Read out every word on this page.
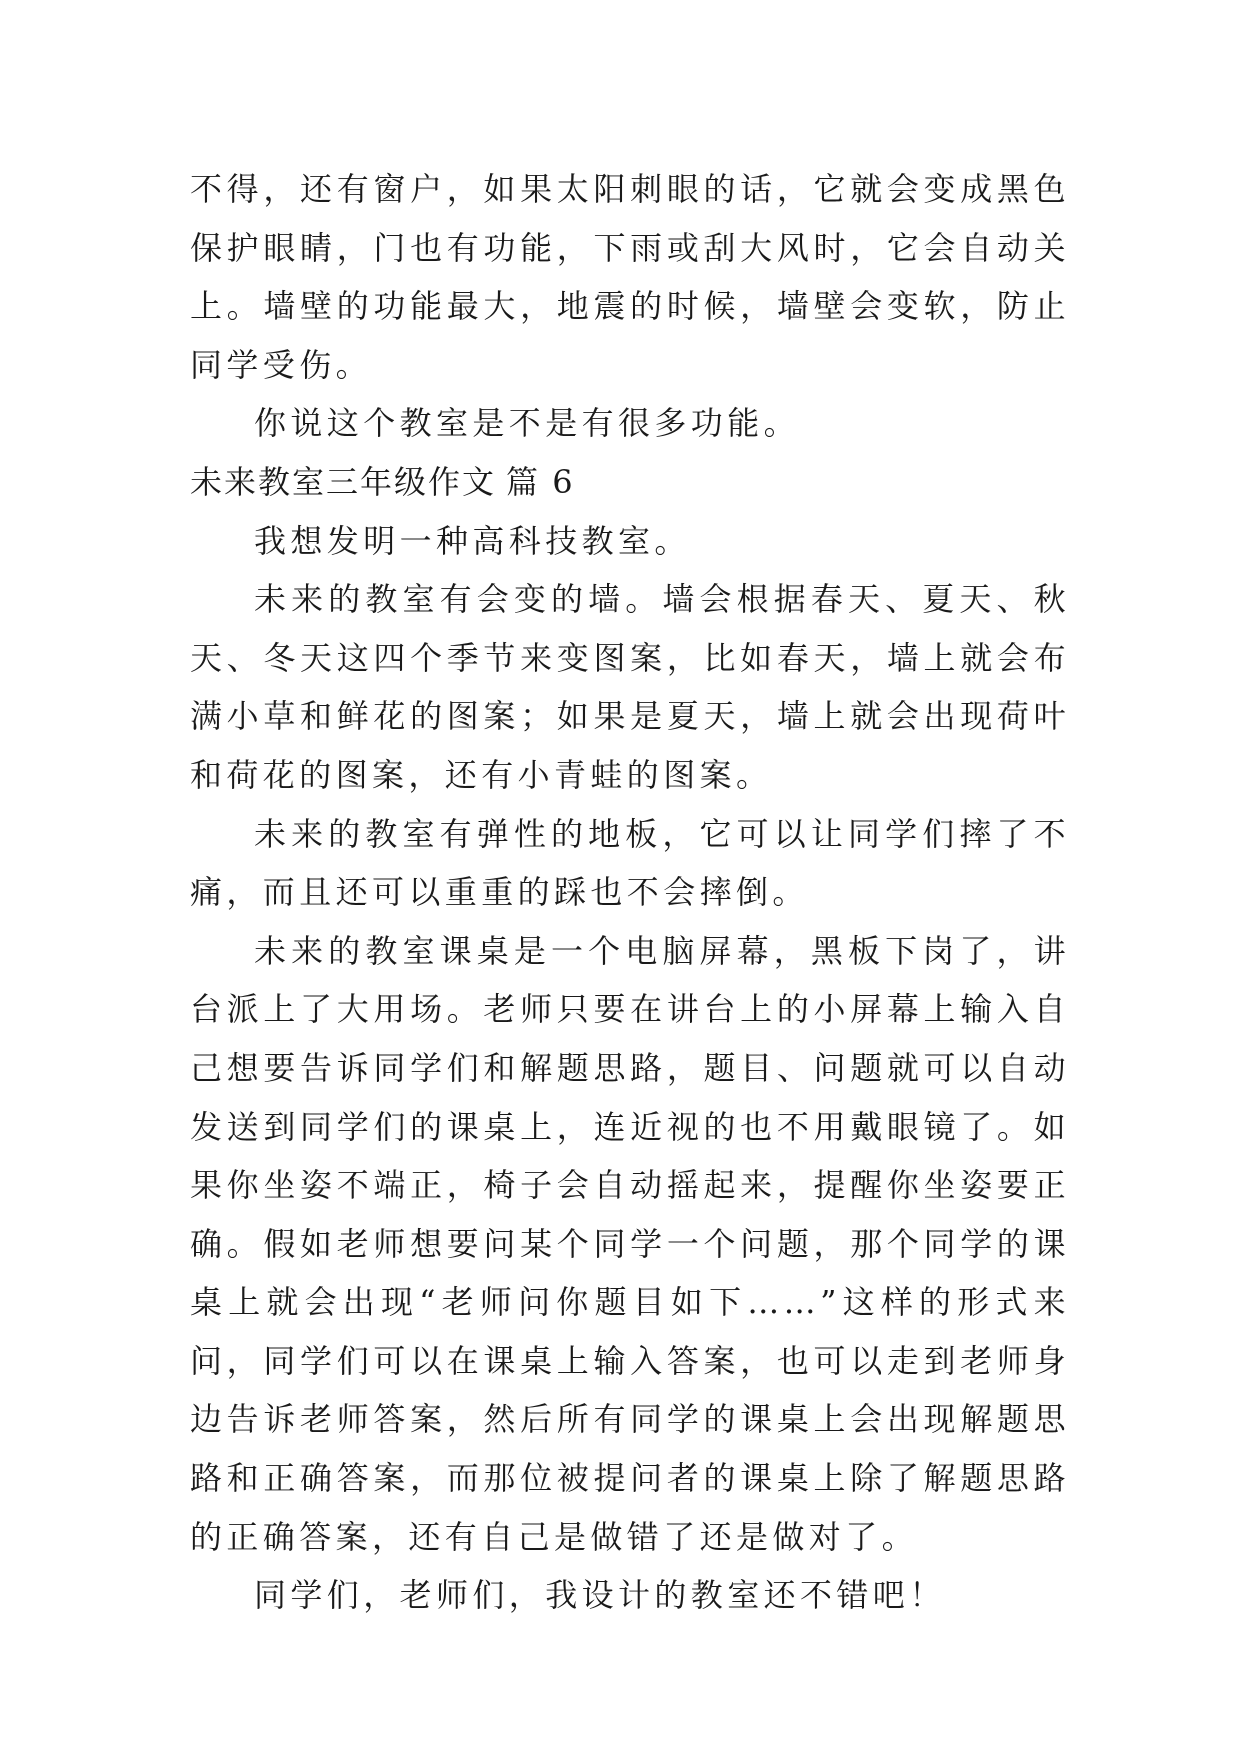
不得，还有窗户，如果太阳刺眼的话，它就会变成黑色保护眼睛，门也有功能，下雨或刮大风时，它会自动关上。墙壁的功能最大，地震的时候，墙壁会变软，防止同学受伤。

你说这个教室是不是有很多功能。

未来教室三年级作文 篇 6

我想发明一种高科技教室。

未来的教室有会变的墙。墙会根据春天、夏天、秋天、冬天这四个季节来变图案，比如春天，墙上就会布满小草和鲜花的图案；如果是夏天，墙上就会出现荷叶和荷花的图案，还有小青蛙的图案。

未来的教室有弹性的地板，它可以让同学们摔了不痛，而且还可以重重的踩也不会摔倒。

未来的教室课桌是一个电脑屏幕，黑板下岗了，讲台派上了大用场。老师只要在讲台上的小屏幕上输入自己想要告诉同学们和解题思路，题目、问题就可以自动发送到同学们的课桌上，连近视的也不用戴眼镜了。如果你坐姿不端正，椅子会自动摇起来，提醒你坐姿要正确。假如老师想要问某个同学一个问题，那个同学的课桌上就会出现“老师问你题目如下……”这样的形式来问，同学们可以在课桌上输入答案，也可以走到老师身边告诉老师答案，然后所有同学的课桌上会出现解题思路和正确答案，而那位被提问者的课桌上除了解题思路的正确答案，还有自己是做错了还是做对了。

同学们，老师们，我设计的教室还不错吧！
